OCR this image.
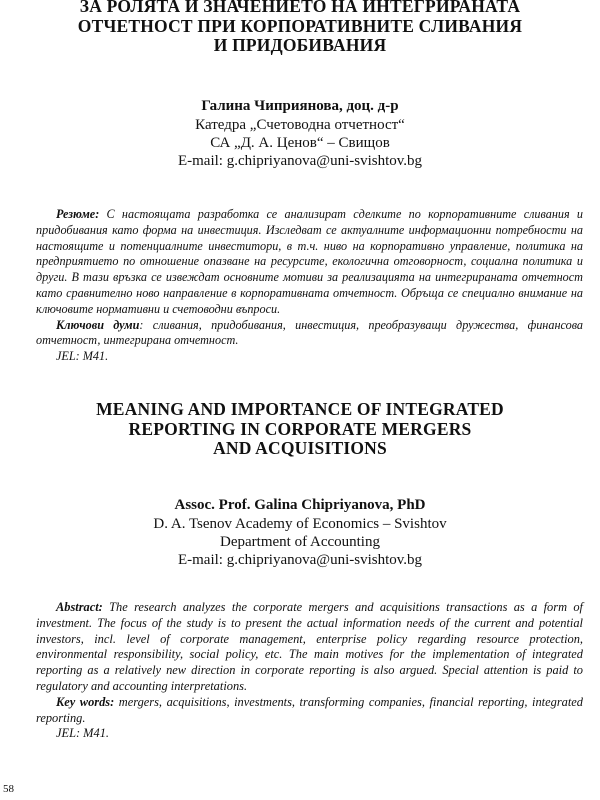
ЗА РОЛЯТА И ЗНАЧЕНИЕТО НА ИНТЕГРИРАНАТА
ОТЧЕТНОСТ ПРИ КОРПОРАТИВНИТЕ СЛИВАНИЯ
И ПРИДОБИВАНИЯ
Галина Чиприянова, доц. д-р
Катедра „Счетоводна отчетност“
СА „Д. А. Ценов“ – Свищов
E-mail: g.chipriyanova@uni-svishtov.bg

Резюме: С настоящата разработка се анализират сделките по корпоративните сливания и придобивания като форма на инвестиция. Изследват се актуалните информационни потребности на настоящите и потенциалните инвеститори, в т.ч. ниво на корпоративно управление, политика на предприятието по отношение опазване на ресурсите, екологична отговорност, социална политика и други. В тази връзка се извеждат основните мотиви за реализацията на интегрираната отчетност като сравнително ново направление в корпоративната отчетност. Обръща се специално внимание на ключовите нормативни и счетоводни въпроси.

Ключови думи: сливания, придобивания, инвестиция, преобразуващи дружества, финансова отчетност, интегрирана отчетност.

JEL: M41.

MEANING AND IMPORTANCE OF INTEGRATED
REPORTING IN CORPORATE MERGERS
AND ACQUISITIONS
Assoc. Prof. Galina Chipriyanova, PhD
D. A. Tsenov Academy of Economics – Svishtov
Department of Accounting
E-mail: g.chipriyanova@uni-svishtov.bg

Abstract: The research analyzes the corporate mergers and acquisitions transactions as a form of investment. The focus of the study is to present the actual information needs of the current and potential investors, incl. level of corporate management, enterprise policy regarding resource protection, environmental responsibility, social policy, etc. The main motives for the implementation of integrated reporting as a relatively new direction in corporate reporting is also argued. Special attention is paid to regulatory and accounting interpretations.

Key words: mergers, acquisitions, investments, transforming companies, financial reporting, integrated reporting.

JEL: M41.

58
